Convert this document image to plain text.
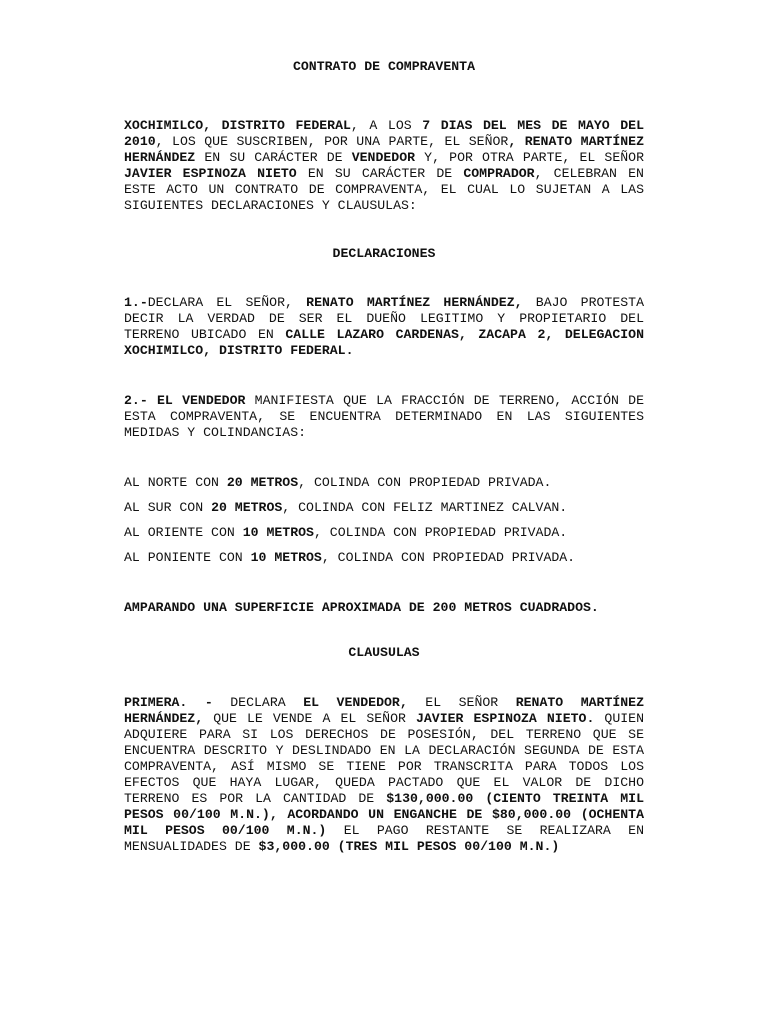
CONTRATO DE COMPRAVENTA

XOCHIMILCO, DISTRITO FEDERAL, A LOS 7 DIAS DEL MES DE MAYO DEL 2010, LOS QUE SUSCRIBEN, POR UNA PARTE, EL SEÑOR, RENATO MARTÍNEZ HERNÁNDEZ EN SU CARÁCTER DE VENDEDOR Y, POR OTRA PARTE, EL SEÑOR JAVIER ESPINOZA NIETO EN SU CARÁCTER DE COMPRADOR, CELEBRAN EN ESTE ACTO UN CONTRATO DE COMPRAVENTA, EL CUAL LO SUJETAN A LAS SIGUIENTES DECLARACIONES Y CLAUSULAS:

DECLARACIONES

1.-DECLARA EL SEÑOR, RENATO MARTÍNEZ HERNÁNDEZ, BAJO PROTESTA DECIR LA VERDAD DE SER EL DUEÑO LEGITIMO Y PROPIETARIO DEL TERRENO UBICADO EN CALLE LAZARO CARDENAS, ZACAPA 2, DELEGACION XOCHIMILCO, DISTRITO FEDERAL.

2.- EL VENDEDOR MANIFIESTA QUE LA FRACCIÓN DE TERRENO, ACCIÓN DE ESTA COMPRAVENTA, SE ENCUENTRA DETERMINADO EN LAS SIGUIENTES MEDIDAS Y COLINDANCIAS:

AL NORTE CON 20 METROS, COLINDA CON PROPIEDAD PRIVADA.

AL SUR CON 20 METROS, COLINDA CON FELIZ MARTINEZ CALVAN.

AL ORIENTE CON 10 METROS, COLINDA CON PROPIEDAD PRIVADA.

AL PONIENTE CON 10 METROS, COLINDA CON PROPIEDAD PRIVADA.

AMPARANDO UNA SUPERFICIE APROXIMADA DE 200 METROS CUADRADOS.

CLAUSULAS

PRIMERA. - DECLARA EL VENDEDOR, EL SEÑOR RENATO MARTÍNEZ HERNÁNDEZ, QUE LE VENDE A EL SEÑOR JAVIER ESPINOZA NIETO. QUIEN ADQUIERE PARA SI LOS DERECHOS DE POSESIÓN, DEL TERRENO QUE SE ENCUENTRA DESCRITO Y DESLINDADO EN LA DECLARACIÓN SEGUNDA DE ESTA COMPRAVENTA, ASÍ MISMO SE TIENE POR TRANSCRITA PARA TODOS LOS EFECTOS QUE HAYA LUGAR, QUEDA PACTADO QUE EL VALOR DE DICHO TERRENO ES POR LA CANTIDAD DE $130,000.00 (CIENTO TREINTA MIL PESOS 00/100 M.N.), ACORDANDO UN ENGANCHE DE $80,000.00 (OCHENTA MIL PESOS 00/100 M.N.) EL PAGO RESTANTE SE REALIZARA EN MENSUALIDADES DE $3,000.00 (TRES MIL PESOS 00/100 M.N.)
